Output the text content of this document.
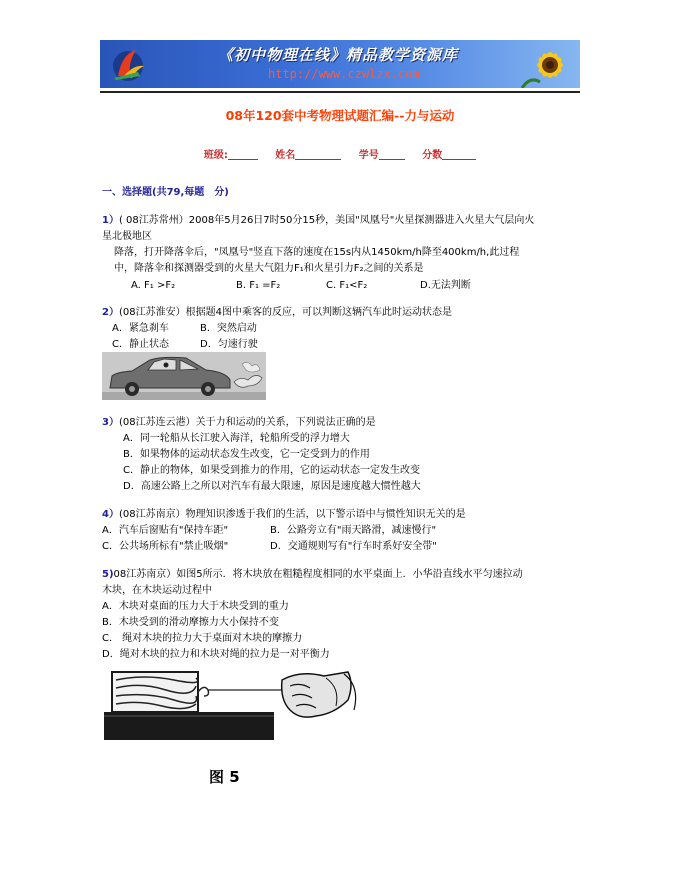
《初中物理在线》精品教学资源库
http://www.czwlzx.com
08年120套中考物理试题汇编--力与运动
班级:	姓名	学号	分数
一、选择题(共79,每题　分)
1）( 08江苏常州）2008年5月26日7时50分15秒，美国"凤凰号"火星探测器进入火星大气层向火
星北极地区
降落，打开降落伞后，"凤凰号"竖直下落的速度在15s内从1450km/h降至400km/h,此过程
中，降落伞和探测器受到的火星大气阻力F₁和火星引力F₂之间的关系是
A. F₁ >F₂	B. F₁ =F₂	C. F₁<F₂	D.无法判断
2）(08江苏淮安）根据题4图中乘客的反应，可以判断这辆汽车此时运动状态是
A．紧急刹车	B．突然启动
C．静止状态	D．匀速行驶
3）(08江苏连云港）关于力和运动的关系，下列说法正确的是
A．同一轮船从长江驶入海洋，轮船所受的浮力增大
B．如果物体的运动状态发生改变，它一定受到力的作用
C．静止的物体，如果受到推力的作用，它的运动状态一定发生改变
D．高速公路上之所以对汽车有最大限速，原因是速度越大惯性越大
4）(08江苏南京）物理知识渗透于我们的生活，以下警示语中与惯性知识无关的是
A．汽车后窗贴有"保持车距"	B．公路旁立有"雨天路滑，减速慢行"
C．公共场所标有"禁止吸烟"	D．交通规则写有"行车时系好安全带"
5)08江苏南京）如图5所示．将木块放在粗糙程度相同的水平桌面上．小华沿直线水平匀速拉动
木块，在木块运动过程中
A．木块对桌面的压力大于木块受到的重力
B．木块受到的滑动摩擦力大小保持不变
C． 绳对木块的拉力大于桌面对木块的摩擦力
D．绳对木块的拉力和木块对绳的拉力是一对平衡力
图 5
